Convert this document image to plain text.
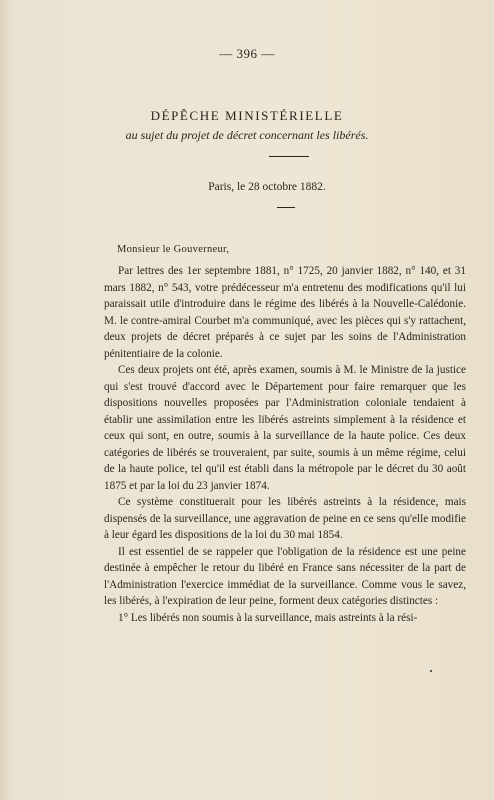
— 396 —
DÉPÊCHE MINISTÉRIELLE
au sujet du projet de décret concernant les libérés.
Paris, le 28 octobre 1882.
Monsieur le Gouverneur,

Par lettres des 1er septembre 1881, n° 1725, 20 janvier 1882, n° 140, et 31 mars 1882, n° 543, votre prédécesseur m'a entretenu des modifications qu'il lui paraissait utile d'introduire dans le régime des libérés à la Nouvelle-Calédonie. M. le contre-amiral Courbet m'a communiqué, avec les pièces qui s'y rattachent, deux projets de décret préparés à ce sujet par les soins de l'Administration pénitentiaire de la colonie.

Ces deux projets ont été, après examen, soumis à M. le Ministre de la justice qui s'est trouvé d'accord avec le Département pour faire remarquer que les dispositions nouvelles proposées par l'Administration coloniale tendaient à établir une assimilation entre les libérés astreints simplement à la résidence et ceux qui sont, en outre, soumis à la surveillance de la haute police. Ces deux catégories de libérés se trouveraient, par suite, soumis à un même régime, celui de la haute police, tel qu'il est établi dans la métropole par le décret du 30 août 1875 et par la loi du 23 janvier 1874.

Ce système constituerait pour les libérés astreints à la résidence, mais dispensés de la surveillance, une aggravation de peine en ce sens qu'elle modifie à leur égard les dispositions de la loi du 30 mai 1854.

Il est essentiel de se rappeler que l'obligation de la résidence est une peine destinée à empêcher le retour du libéré en France sans nécessiter de la part de l'Administration l'exercice immédiat de la surveillance. Comme vous le savez, les libérés, à l'expiration de leur peine, forment deux catégories distinctes :

1° Les libérés non soumis à la surveillance, mais astreints à la rési-
